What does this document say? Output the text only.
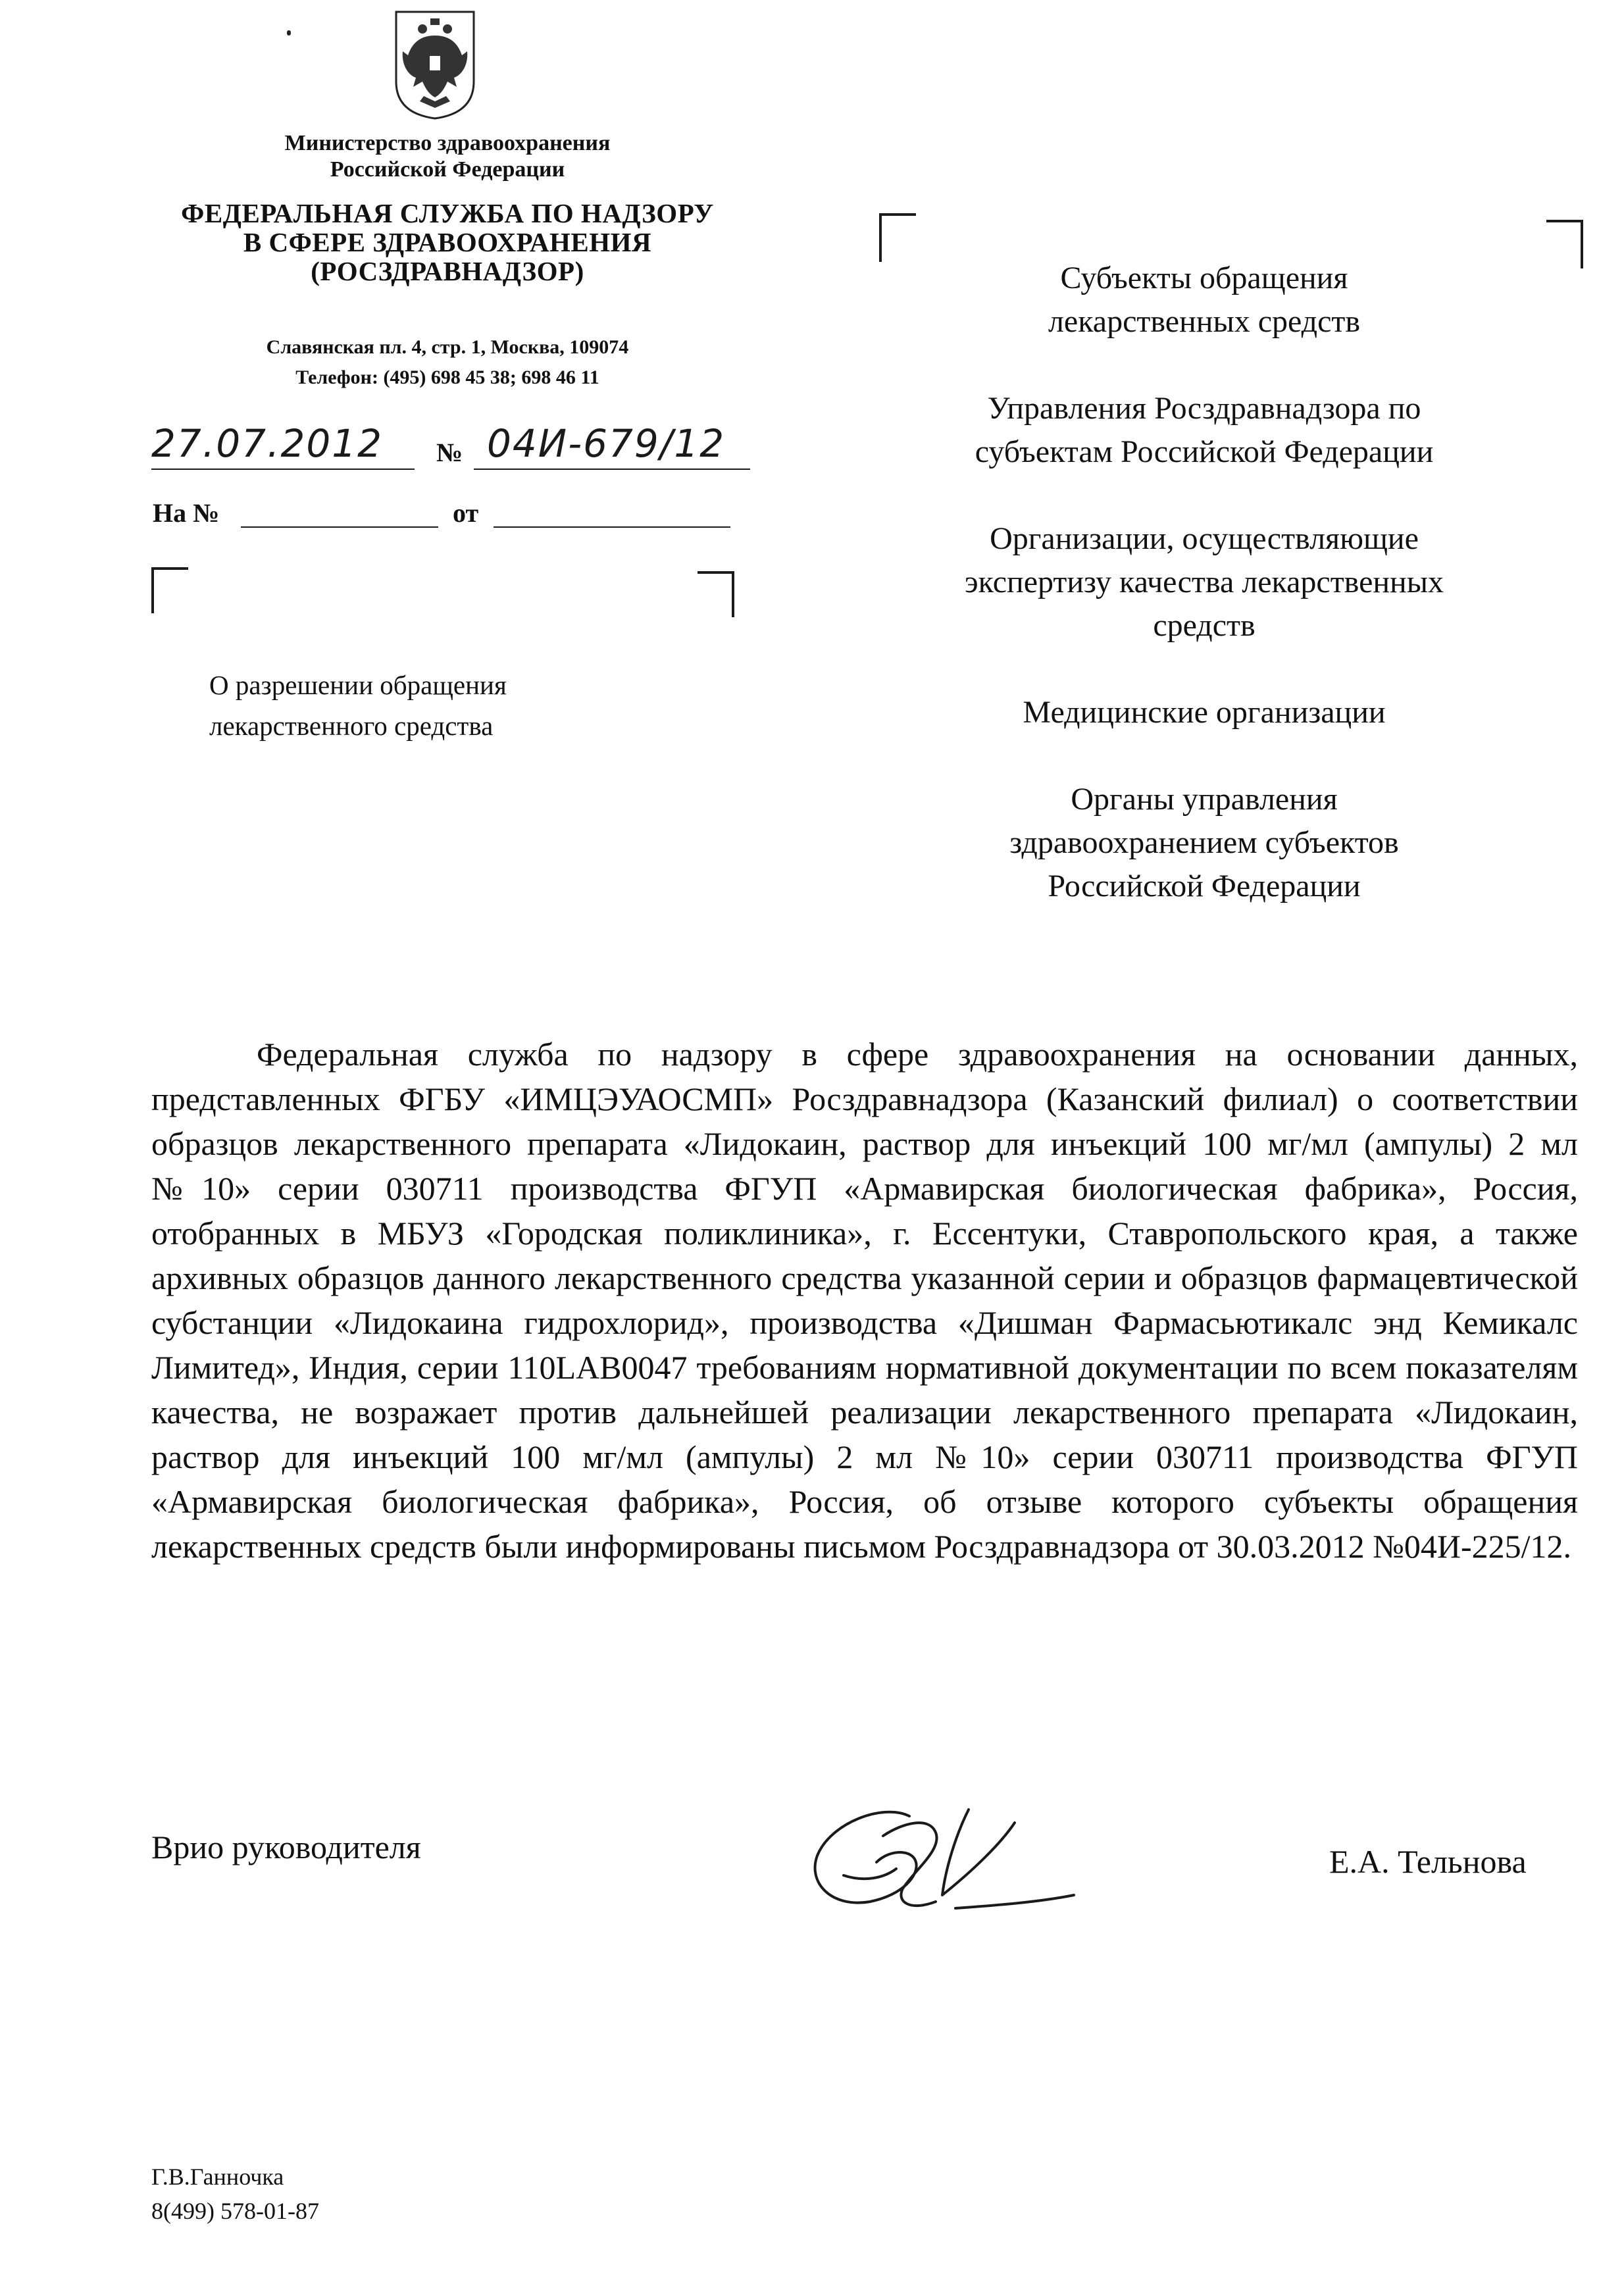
Министерство здравоохранения
Российской Федерации
ФЕДЕРАЛЬНАЯ СЛУЖБА ПО НАДЗОРУ
В СФЕРЕ ЗДРАВООХРАНЕНИЯ
(РОСЗДРАВНАДЗОР)
Славянская пл. 4, стр. 1, Москва, 109074
Телефон: (495) 698 45 38; 698 46 11
27.07.2012 № 04И-679/12
На №	от
О разрешении обращения
лекарственного средства
Субъекты обращения
лекарственных средств
Управления Росздравнадзора по
субъектам Российской Федерации
Организации, осуществляющие
экспертизу качества лекарственных
средств
Медицинские организации
Органы управления
здравоохранением субъектов
Российской Федерации
Федеральная служба по надзору в сфере здравоохранения на основании данных, представленных ФГБУ «ИМЦЭУАОСМП» Росздравнадзора (Казанский филиал) о соответствии образцов лекарственного препарата «Лидокаин, раствор для инъекций 100 мг/мл (ампулы) 2 мл №10» серии 030711 производства ФГУП «Армавирская биологическая фабрика», Россия, отобранных в МБУЗ «Городская поликлиника», г. Ессентуки, Ставропольского края, а также архивных образцов данного лекарственного средства указанной серии и образцов фармацевтической субстанции «Лидокаина гидрохлорид», производства «Дишман Фармасьютикалс энд Кемикалс Лимитед», Индия, серии 110LAB0047 требованиям нормативной документации по всем показателям качества, не возражает против дальнейшей реализации лекарственного препарата «Лидокаин, раствор для инъекций 100 мг/мл (ампулы) 2 мл №10» серии 030711 производства ФГУП «Армавирская биологическая фабрика», Россия, об отзыве которого субъекты обращения лекарственных средств были информированы письмом Росздравнадзора от 30.03.2012 №04И-225/12.
Врио руководителя	Е.А. Тельнова
Г.В.Ганночка
8(499) 578-01-87
